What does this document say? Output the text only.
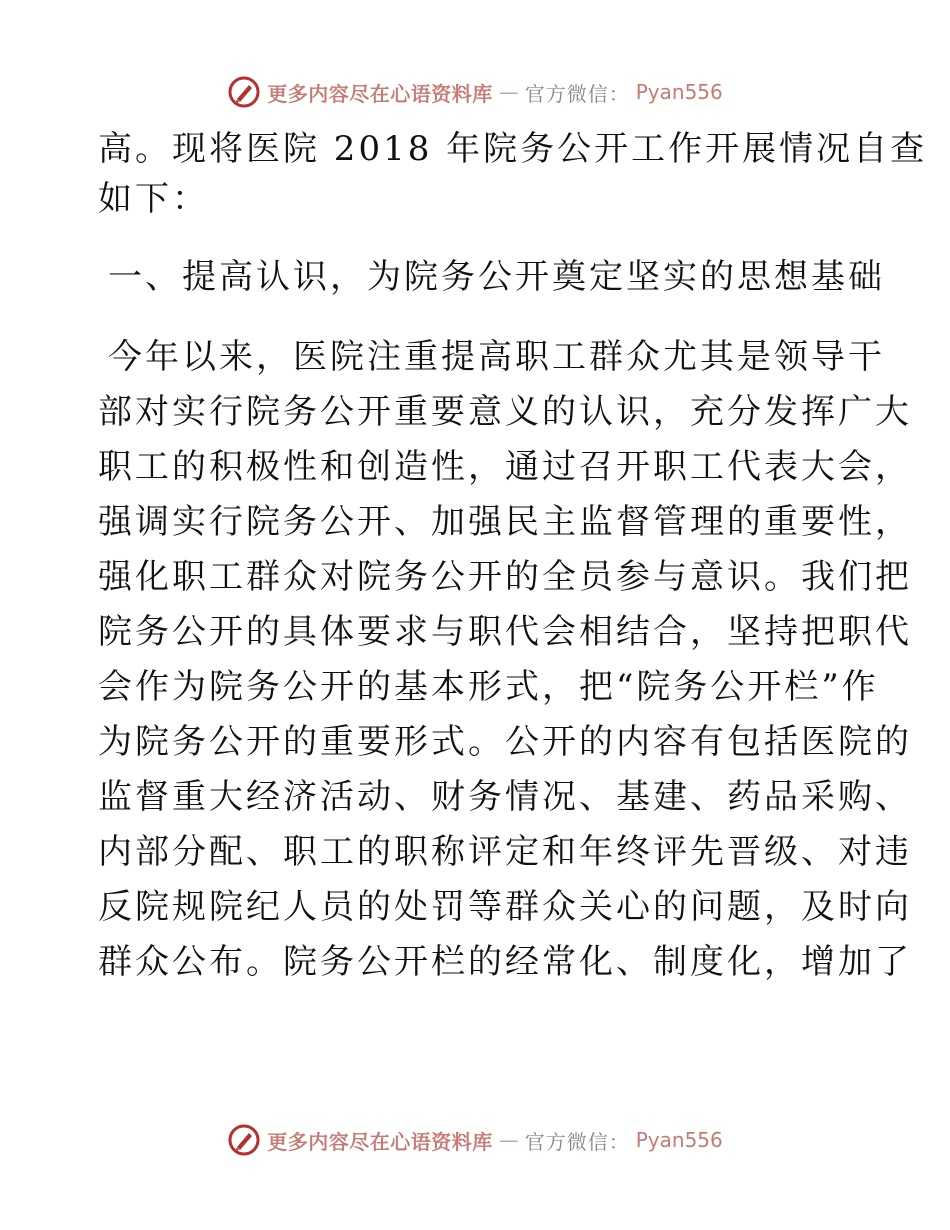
更多内容尽在心语资料库 — 官方微信： Pyan556
高。现将医院 2018 年院务公开工作开展情况自查
如下：
一、提高认识，为院务公开奠定坚实的思想基础
今年以来，医院注重提高职工群众尤其是领导干
部对实行院务公开重要意义的认识，充分发挥广大
职工的积极性和创造性，通过召开职工代表大会，
强调实行院务公开、加强民主监督管理的重要性，
强化职工群众对院务公开的全员参与意识。我们把
院务公开的具体要求与职代会相结合，坚持把职代
会作为院务公开的基本形式，把“院务公开栏”作
为院务公开的重要形式。公开的内容有包括医院的
监督重大经济活动、财务情况、基建、药品采购、
内部分配、职工的职称评定和年终评先晋级、对违
反院规院纪人员的处罚等群众关心的问题，及时向
群众公布。院务公开栏的经常化、制度化，增加了
更多内容尽在心语资料库 — 官方微信： Pyan556
